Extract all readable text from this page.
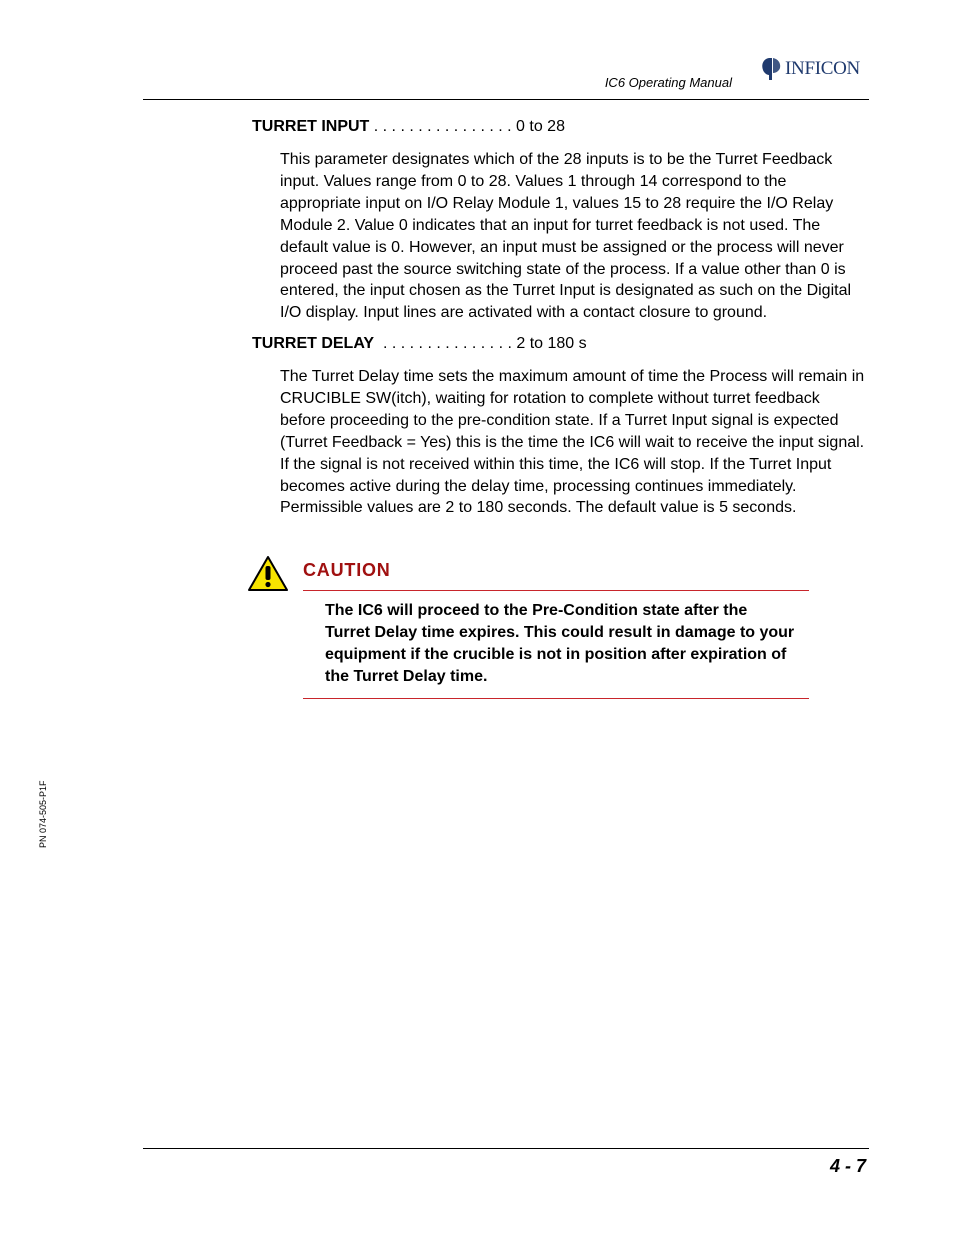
IC6 Operating Manual
INFICON
TURRET INPUT . . . . . . . . . . . . . . . . 0 to 28
This parameter designates which of the 28 inputs is to be the Turret Feedback input. Values range from 0 to 28. Values 1 through 14 correspond to the appropriate input on I/O Relay Module 1, values 15 to 28 require the I/O Relay Module 2. Value 0 indicates that an input for turret feedback is not used. The default value is 0. However, an input must be assigned or the process will never proceed past the source switching state of the process. If a value other than 0 is entered, the input chosen as the Turret Input is designated as such on the Digital I/O display. Input lines are activated with a contact closure to ground.
TURRET DELAY  . . . . . . . . . . . . . . . 2 to 180 s
The Turret Delay time sets the maximum amount of time the Process will remain in CRUCIBLE SW(itch), waiting for rotation to complete without turret feedback before proceeding to the pre-condition state. If a Turret Input signal is expected (Turret Feedback = Yes) this is the time the IC6 will wait to receive the input signal. If the signal is not received within this time, the IC6 will stop. If the Turret Input becomes active during the delay time, processing continues immediately. Permissible values are 2 to 180 seconds. The default value is 5 seconds.
CAUTION
The IC6 will proceed to the Pre-Condition state after the Turret Delay time expires. This could result in damage to your equipment if the crucible is not in position after expiration of the Turret Delay time.
PN 074-505-P1F
4 - 7
